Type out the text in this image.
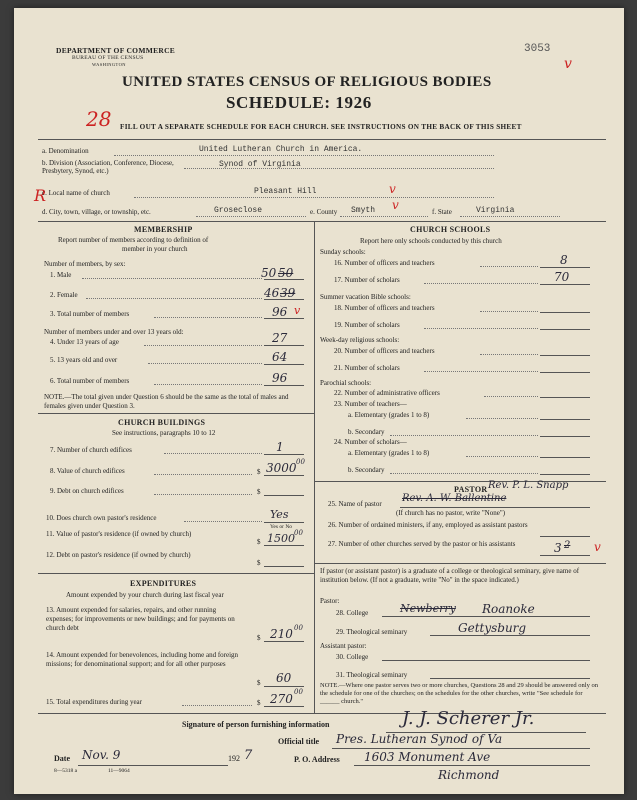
DEPARTMENT OF COMMERCE
BUREAU OF THE CENSUS
WASHINGTON
3053
v
UNITED STATES CENSUS OF RELIGIOUS BODIES
SCHEDULE: 1926
28 FILL OUT A SEPARATE SCHEDULE FOR EACH CHURCH. SEE INSTRUCTIONS ON THE BACK OF THIS SHEET
R
a. Denomination	United Lutheran Church in America.
b. Division (Association, Conference, Diocese, Presbytery, Synod, etc.)
Synod of Virginia
c. Local name of church	Pleasant Hill	v
d. City, town, village, or township, etc.	Groseclose	e. County Smyth v	f. State	Virginia
MEMBERSHIP
Report number of members according to definition of
member in your church
Number of members, by sex:
1. Male	50 50
2. Female	46 39
3. Total number of members	96 v
Number of members under and over 13 years old:
4. Under 13 years of age	27
5. 13 years old and over	64
6. Total number of members	96
NOTE.—The total given under Question 6 should be the same as the total of males and females given under Question 3.
CHURCH BUILDINGS
See instructions, paragraphs 10 to 12
7. Number of church edifices	1
8. Value of church edifices	$ 3000 00
9. Debt on church edifices	$
10. Does church own pastor's residence	Yes
Yes or No
11. Value of pastor's residence (if owned by church)
$ 1500 00
12. Debt on pastor's residence (if owned by church)
$
EXPENDITURES
Amount expended by your church during last fiscal year
13. Amount expended for salaries, repairs, and other running expenses; for improvements or new buildings; and for payments on church debt
$ 210 00
14. Amount expended for benevolences, including home and foreign missions; for denominational support; and for all other purposes
$ 60
15. Total expenditures during year	$ 270 00
CHURCH SCHOOLS
Report here only schools conducted by this church
Sunday schools:
16. Number of officers and teachers	8
17. Number of scholars	70
Summer vacation Bible schools:
18. Number of officers and teachers
19. Number of scholars
Week-day religious schools:
20. Number of officers and teachers
21. Number of scholars
Parochial schools:
22. Number of administrative officers
23. Number of teachers—
a. Elementary (grades 1 to 8)
b. Secondary
24. Number of scholars—
a. Elementary (grades 1 to 8)
b. Secondary
PASTOR Rev. P. L. Snapp
25. Name of pastor Rev. A. W. Ballentine
(If church has no pastor, write "None")
26. Number of ordained ministers, if any, employed as assistant pastors
27. Number of other churches served by the pastor or his assistants	3 2 v
If pastor (or assistant pastor) is a graduate of a college or theological seminary, give name of institution below. (If not a graduate, write "No" in the space indicated.)
Pastor:
28. College	Newberry Roanoke
29. Theological seminary	Gettysburg
Assistant pastor:
30. College
31. Theological seminary
NOTE.—Where one pastor serves two or more churches, Questions 28 and 29 should be answered only on the schedule for one of the churches; on the schedules for the other churches, write "See schedule for ______ church."
Signature of person furnishing information	J. J. Scherer Jr.
Official title Pres. Lutheran Synod of Va
Date Nov. 9	192 7	P. O. Address 1603 Monument Ave
Richmond
8—5318 a	11—9064
